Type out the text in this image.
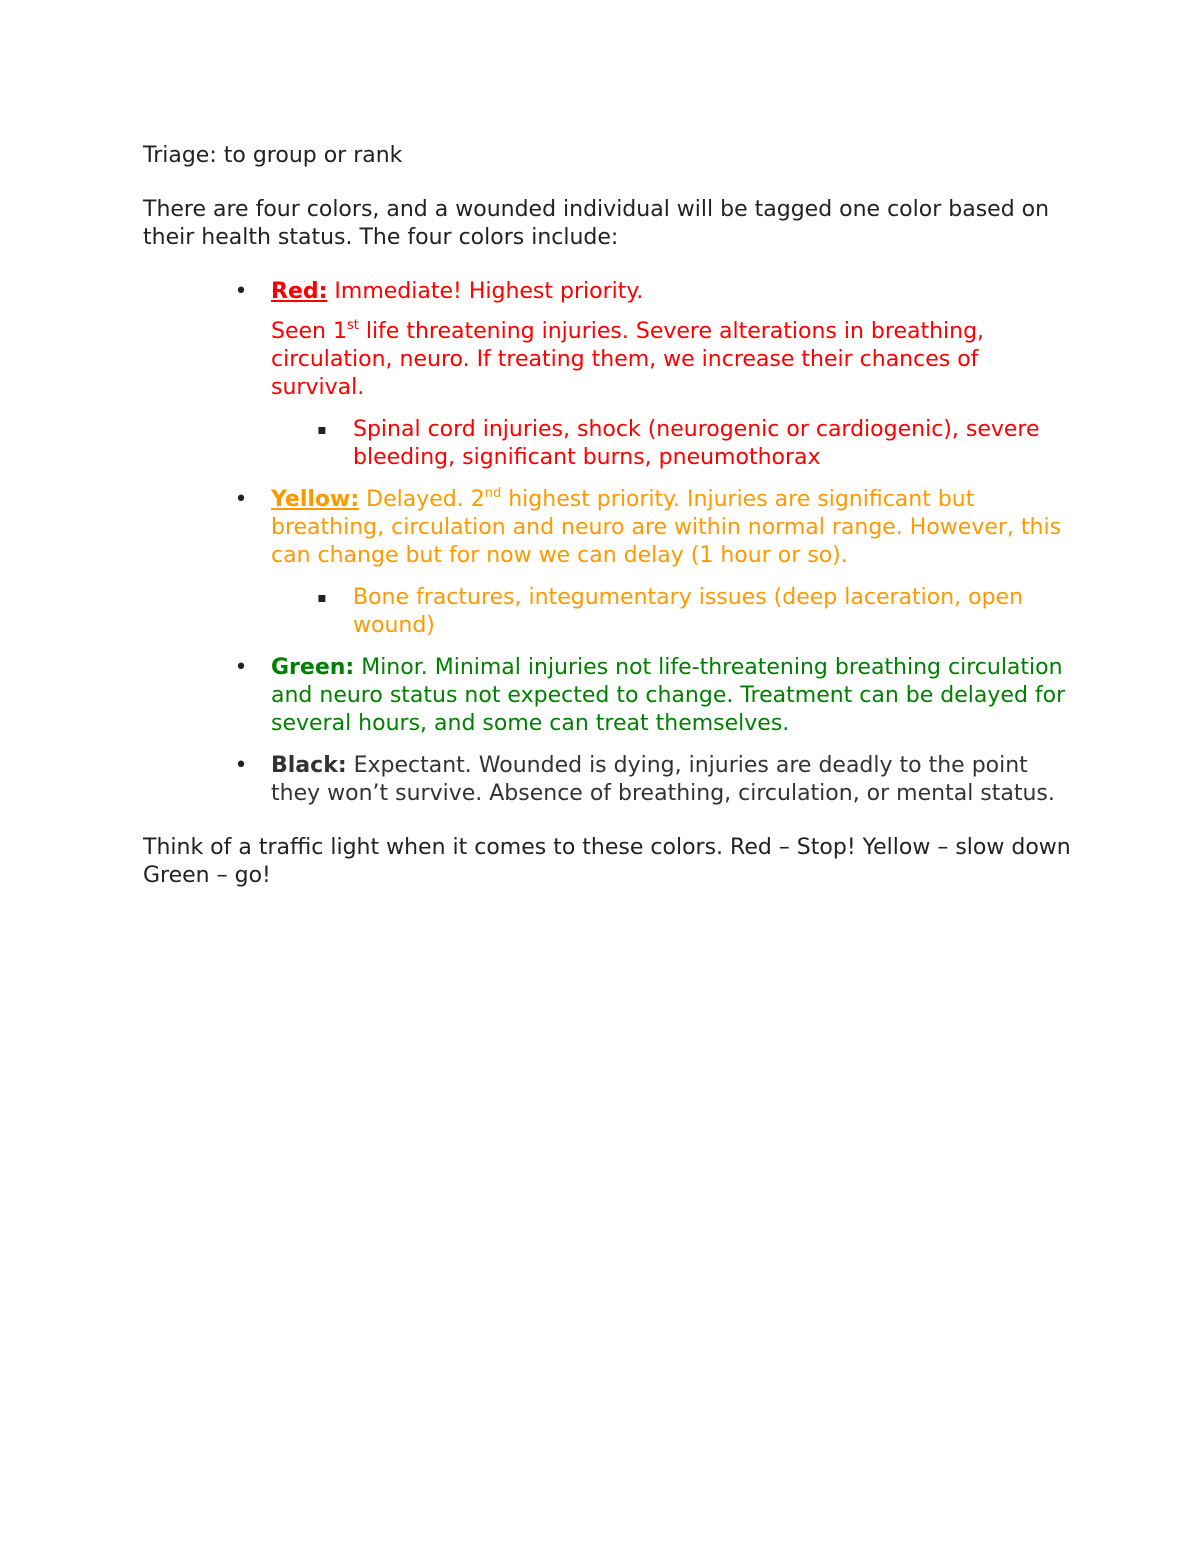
Triage: to group or rank

There are four colors, and a wounded individual will be tagged one color based on their health status. The four colors include:

• Red: Immediate! Highest priority.

Seen 1st life threatening injuries. Severe alterations in breathing, circulation, neuro. If treating them, we increase their chances of survival.

▪ Spinal cord injuries, shock (neurogenic or cardiogenic), severe bleeding, significant burns, pneumothorax

• Yellow: Delayed. 2nd highest priority. Injuries are significant but breathing, circulation and neuro are within normal range. However, this can change but for now we can delay (1 hour or so).

▪ Bone fractures, integumentary issues (deep laceration, open wound)

• Green: Minor. Minimal injuries not life-threatening breathing circulation and neuro status not expected to change. Treatment can be delayed for several hours, and some can treat themselves.

• Black: Expectant. Wounded is dying, injuries are deadly to the point they won’t survive. Absence of breathing, circulation, or mental status.

Think of a traffic light when it comes to these colors. Red – Stop! Yellow – slow down Green – go!
